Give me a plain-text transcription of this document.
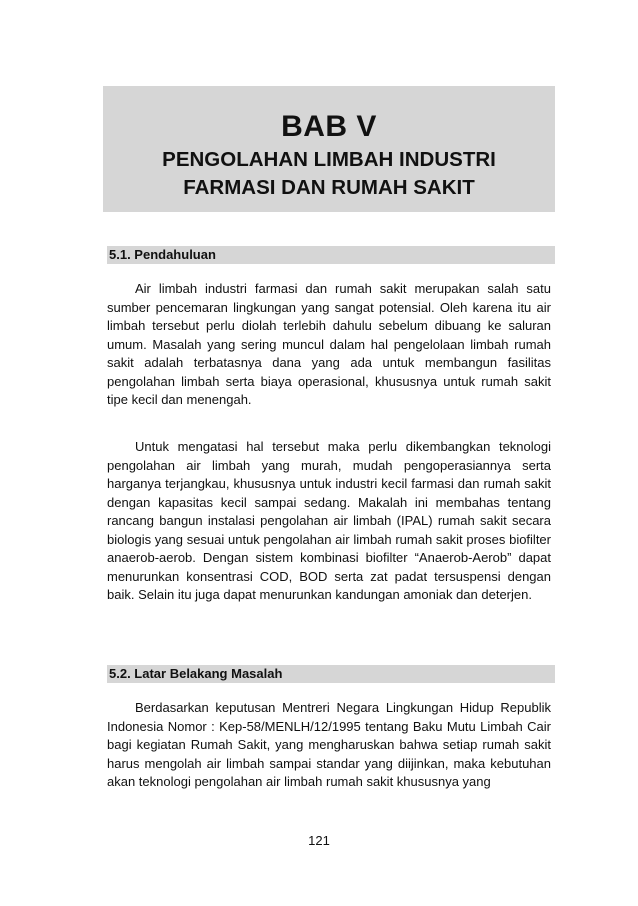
BAB V
PENGOLAHAN LIMBAH INDUSTRI
FARMASI DAN RUMAH SAKIT
5.1. Pendahuluan

Air limbah industri farmasi dan rumah sakit merupakan salah satu sumber pencemaran lingkungan yang sangat potensial. Oleh karena itu air limbah tersebut perlu diolah terlebih dahulu sebelum dibuang ke saluran umum. Masalah yang sering muncul dalam hal pengelolaan limbah rumah sakit adalah terbatasnya dana yang ada untuk membangun fasilitas pengolahan limbah serta biaya operasional, khususnya untuk rumah sakit tipe kecil dan menengah.

Untuk mengatasi hal tersebut maka perlu dikembangkan teknologi pengolahan air limbah yang murah, mudah pengoperasiannya serta harganya terjangkau, khususnya untuk industri kecil farmasi dan rumah sakit dengan kapasitas kecil sampai sedang. Makalah ini membahas tentang rancang bangun instalasi pengolahan air limbah (IPAL) rumah sakit secara biologis yang sesuai untuk pengolahan air limbah rumah sakit proses biofilter anaerob-aerob. Dengan sistem kombinasi biofilter “Anaerob-Aerob” dapat menurunkan konsentrasi COD, BOD serta zat padat tersuspensi dengan baik. Selain itu juga dapat menurunkan kandungan amoniak dan deterjen.

5.2. Latar Belakang Masalah

Berdasarkan keputusan Mentreri Negara Lingkungan Hidup Republik Indonesia Nomor : Kep-58/MENLH/12/1995 tentang Baku Mutu Limbah Cair bagi kegiatan Rumah Sakit, yang mengharuskan bahwa setiap rumah sakit harus mengolah air limbah sampai standar yang diijinkan, maka kebutuhan akan teknologi pengolahan air limbah rumah sakit khususnya yang

121
